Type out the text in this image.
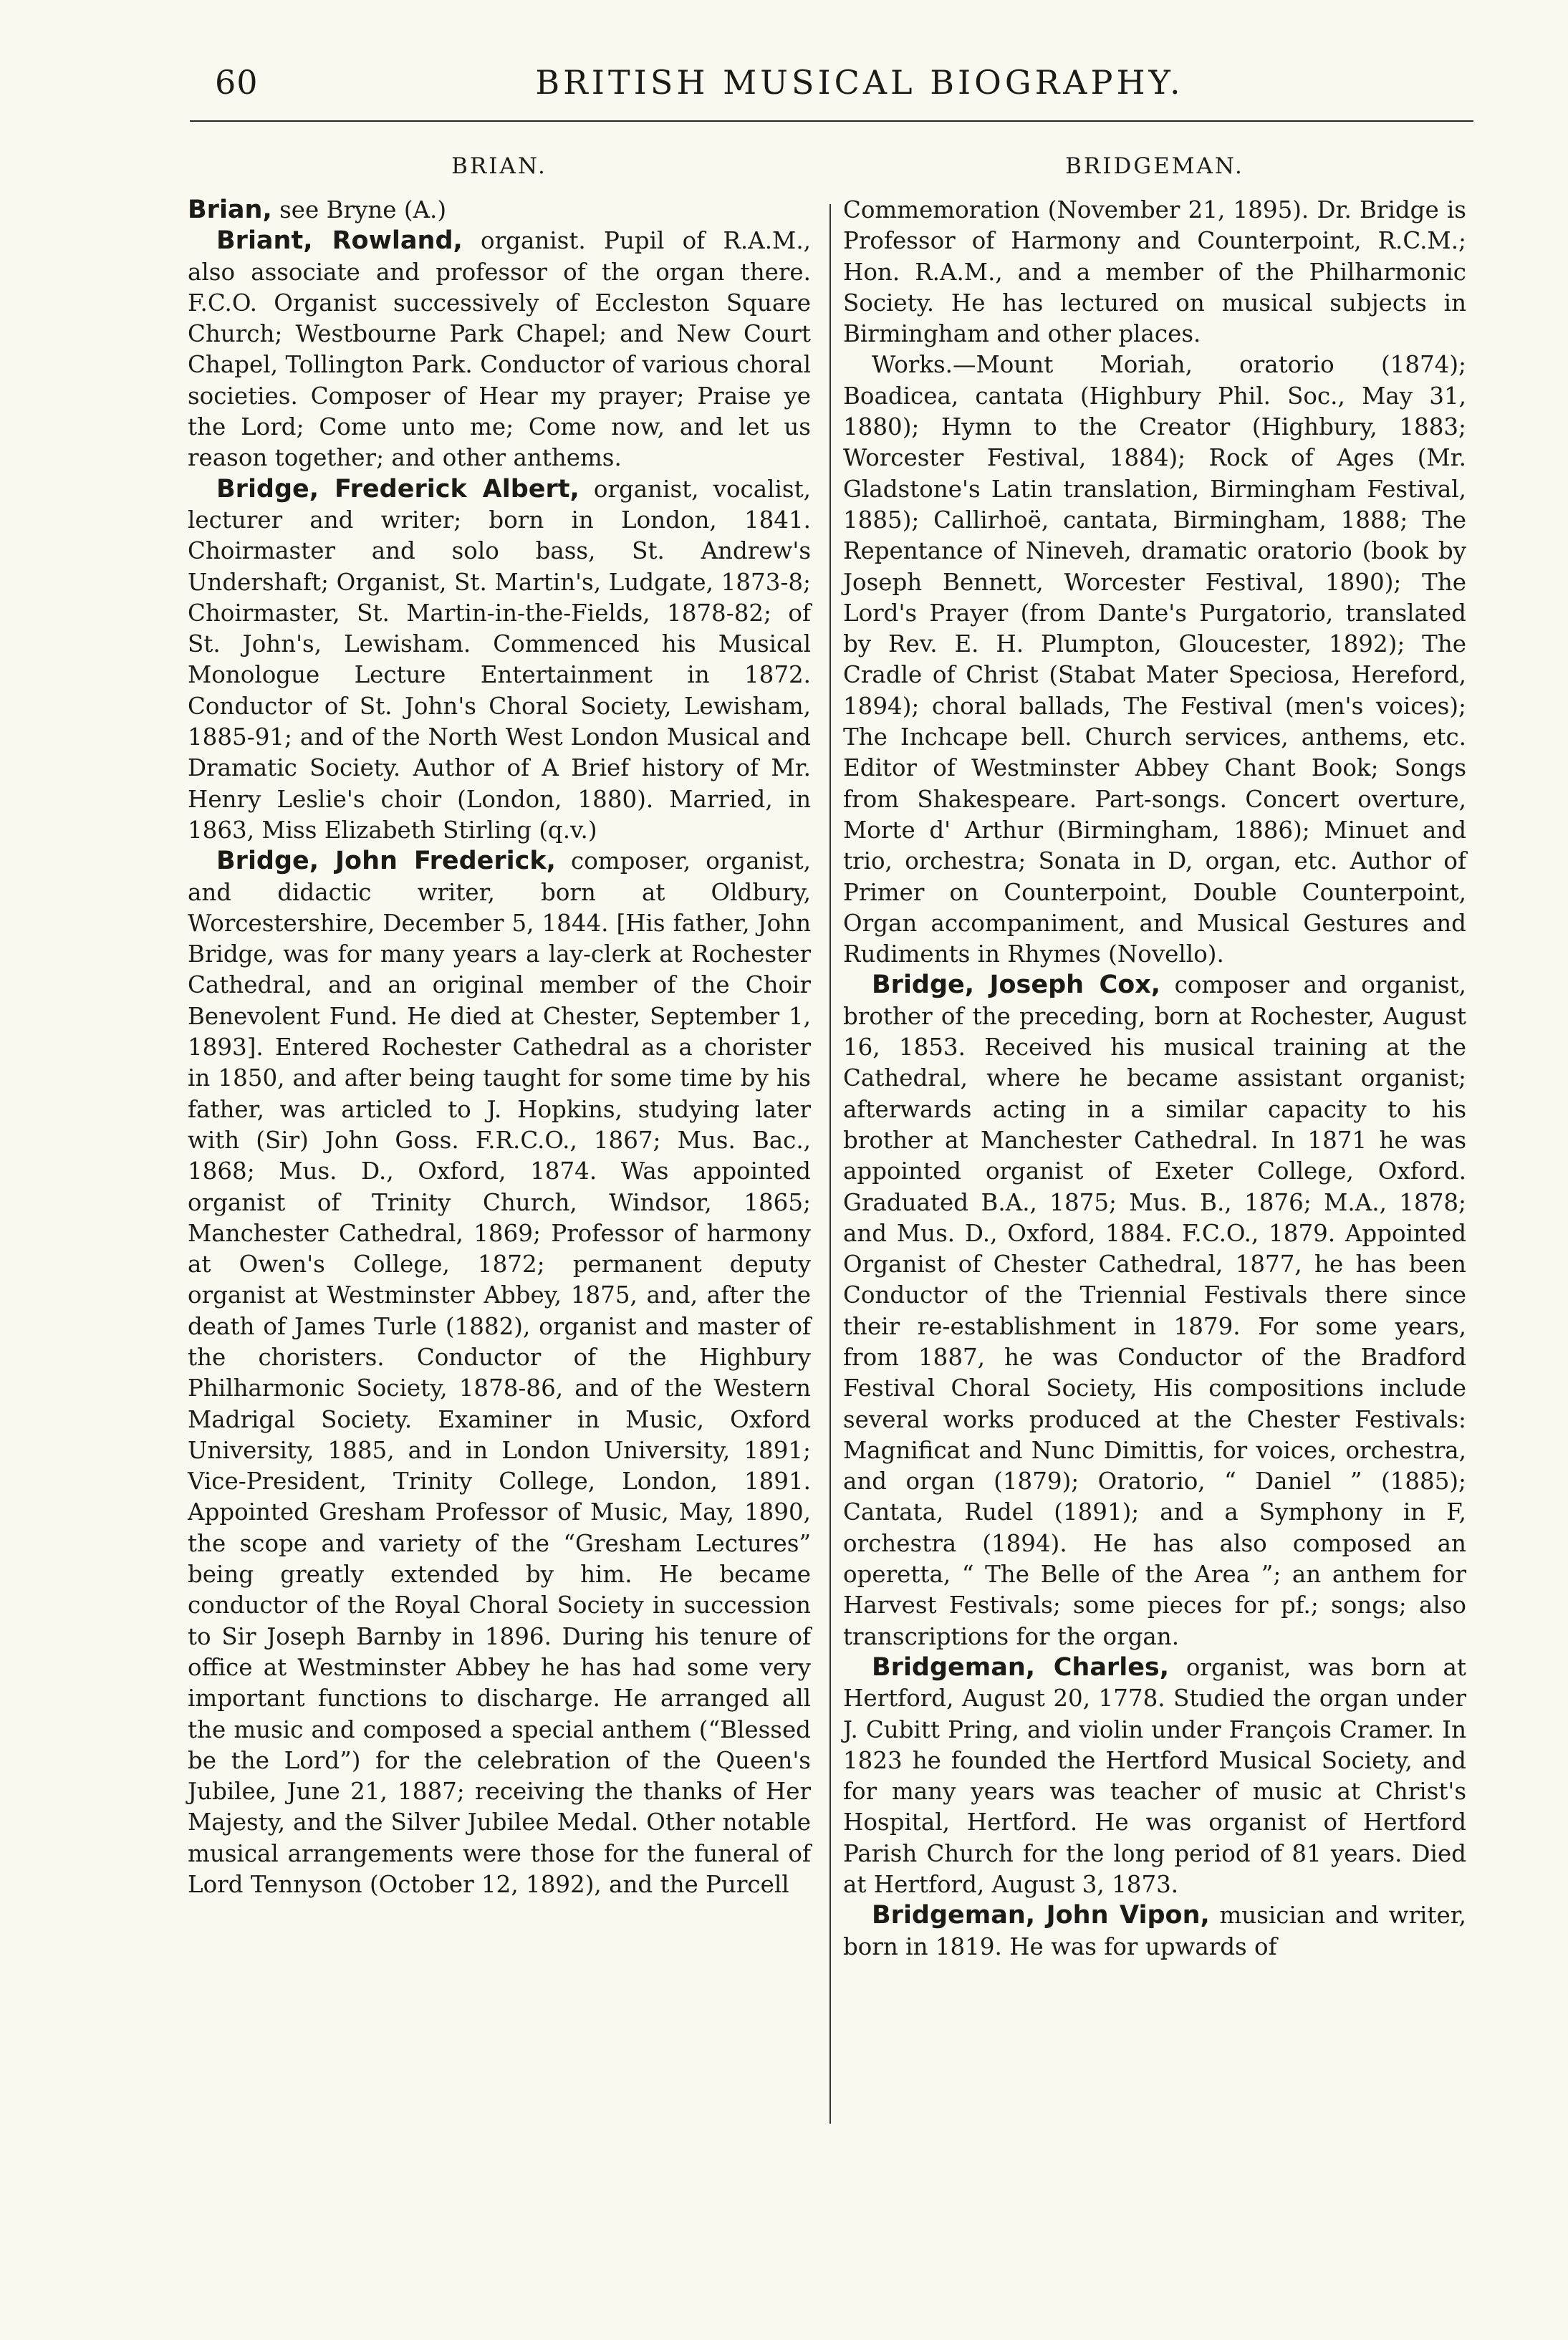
60	BRITISH MUSICAL BIOGRAPHY.
BRIAN.

Brian, see Bryne (A.)

Briant, Rowland, organist. Pupil of R.A.M., also associate and professor of the organ there. F.C.O. Organist successively of Eccleston Square Church; Westbourne Park Chapel; and New Court Chapel, Tollington Park. Conductor of various choral societies. Composer of Hear my prayer; Praise ye the Lord; Come unto me; Come now, and let us reason together; and other anthems.

Bridge, Frederick Albert, organist, vocalist, lecturer and writer; born in London, 1841. Choirmaster and solo bass, St. Andrew's Undershaft; Organist, St. Martin's, Ludgate, 1873-8; Choirmaster, St. Martin-in-the-Fields, 1878-82; of St. John's, Lewisham. Commenced his Musical Monologue Lecture Entertainment in 1872. Conductor of St. John's Choral Society, Lewisham, 1885-91; and of the North West London Musical and Dramatic Society. Author of A Brief history of Mr. Henry Leslie's choir (London, 1880). Married, in 1863, Miss Elizabeth Stirling (q.v.)

Bridge, John Frederick, composer, organist, and didactic writer, born at Oldbury, Worcestershire, December 5, 1844. [His father, John Bridge, was for many years a lay-clerk at Rochester Cathedral, and an original member of the Choir Benevolent Fund. He died at Chester, September 1, 1893]. Entered Rochester Cathedral as a chorister in 1850, and after being taught for some time by his father, was articled to J. Hopkins, studying later with (Sir) John Goss. F.R.C.O., 1867; Mus. Bac., 1868; Mus. D., Oxford, 1874. Was appointed organist of Trinity Church, Windsor, 1865; Manchester Cathedral, 1869; Professor of harmony at Owen's College, 1872; permanent deputy organist at Westminster Abbey, 1875, and, after the death of James Turle (1882), organist and master of the choristers. Conductor of the Highbury Philharmonic Society, 1878-86, and of the Western Madrigal Society. Examiner in Music, Oxford University, 1885, and in London University, 1891; Vice-President, Trinity College, London, 1891. Appointed Gresham Professor of Music, May, 1890, the scope and variety of the “Gresham Lectures” being greatly extended by him. He became conductor of the Royal Choral Society in succession to Sir Joseph Barnby in 1896. During his tenure of office at Westminster Abbey he has had some very important functions to discharge. He arranged all the music and composed a special anthem (“Blessed be the Lord”) for the celebration of the Queen's Jubilee, June 21, 1887; receiving the thanks of Her Majesty, and the Silver Jubilee Medal. Other notable musical arrangements were those for the funeral of Lord Tennyson (October 12, 1892), and the Purcell

BRIDGEMAN.

Commemoration (November 21, 1895). Dr. Bridge is Professor of Harmony and Counterpoint, R.C.M.; Hon. R.A.M., and a member of the Philharmonic Society. He has lectured on musical subjects in Birmingham and other places.

Works.—Mount Moriah, oratorio (1874); Boadicea, cantata (Highbury Phil. Soc., May 31, 1880); Hymn to the Creator (Highbury, 1883; Worcester Festival, 1884); Rock of Ages (Mr. Gladstone's Latin translation, Birmingham Festival, 1885); Callirhoë, cantata, Birmingham, 1888; The Repentance of Nineveh, dramatic oratorio (book by Joseph Bennett, Worcester Festival, 1890); The Lord's Prayer (from Dante's Purgatorio, translated by Rev. E. H. Plumpton, Gloucester, 1892); The Cradle of Christ (Stabat Mater Speciosa, Hereford, 1894); choral ballads, The Festival (men's voices); The Inchcape bell. Church services, anthems, etc. Editor of Westminster Abbey Chant Book; Songs from Shakespeare. Part-songs. Concert overture, Morte d' Arthur (Birmingham, 1886); Minuet and trio, orchestra; Sonata in D, organ, etc. Author of Primer on Counterpoint, Double Counterpoint, Organ accompaniment, and Musical Gestures and Rudiments in Rhymes (Novello).

Bridge, Joseph Cox, composer and organist, brother of the preceding, born at Rochester, August 16, 1853. Received his musical training at the Cathedral, where he became assistant organist; afterwards acting in a similar capacity to his brother at Manchester Cathedral. In 1871 he was appointed organist of Exeter College, Oxford. Graduated B.A., 1875; Mus. B., 1876; M.A., 1878; and Mus. D., Oxford, 1884. F.C.O., 1879. Appointed Organist of Chester Cathedral, 1877, he has been Conductor of the Triennial Festivals there since their re-establishment in 1879. For some years, from 1887, he was Conductor of the Bradford Festival Choral Society, His compositions include several works produced at the Chester Festivals: Magnificat and Nunc Dimittis, for voices, orchestra, and organ (1879); Oratorio, “ Daniel ” (1885); Cantata, Rudel (1891); and a Symphony in F, orchestra (1894). He has also composed an operetta, “ The Belle of the Area ”; an anthem for Harvest Festivals; some pieces for pf.; songs; also transcriptions for the organ.

Bridgeman, Charles, organist, was born at Hertford, August 20, 1778. Studied the organ under J. Cubitt Pring, and violin under François Cramer. In 1823 he founded the Hertford Musical Society, and for many years was teacher of music at Christ's Hospital, Hertford. He was organist of Hertford Parish Church for the long period of 81 years. Died at Hertford, August 3, 1873.

Bridgeman, John Vipon, musician and writer, born in 1819. He was for upwards of
